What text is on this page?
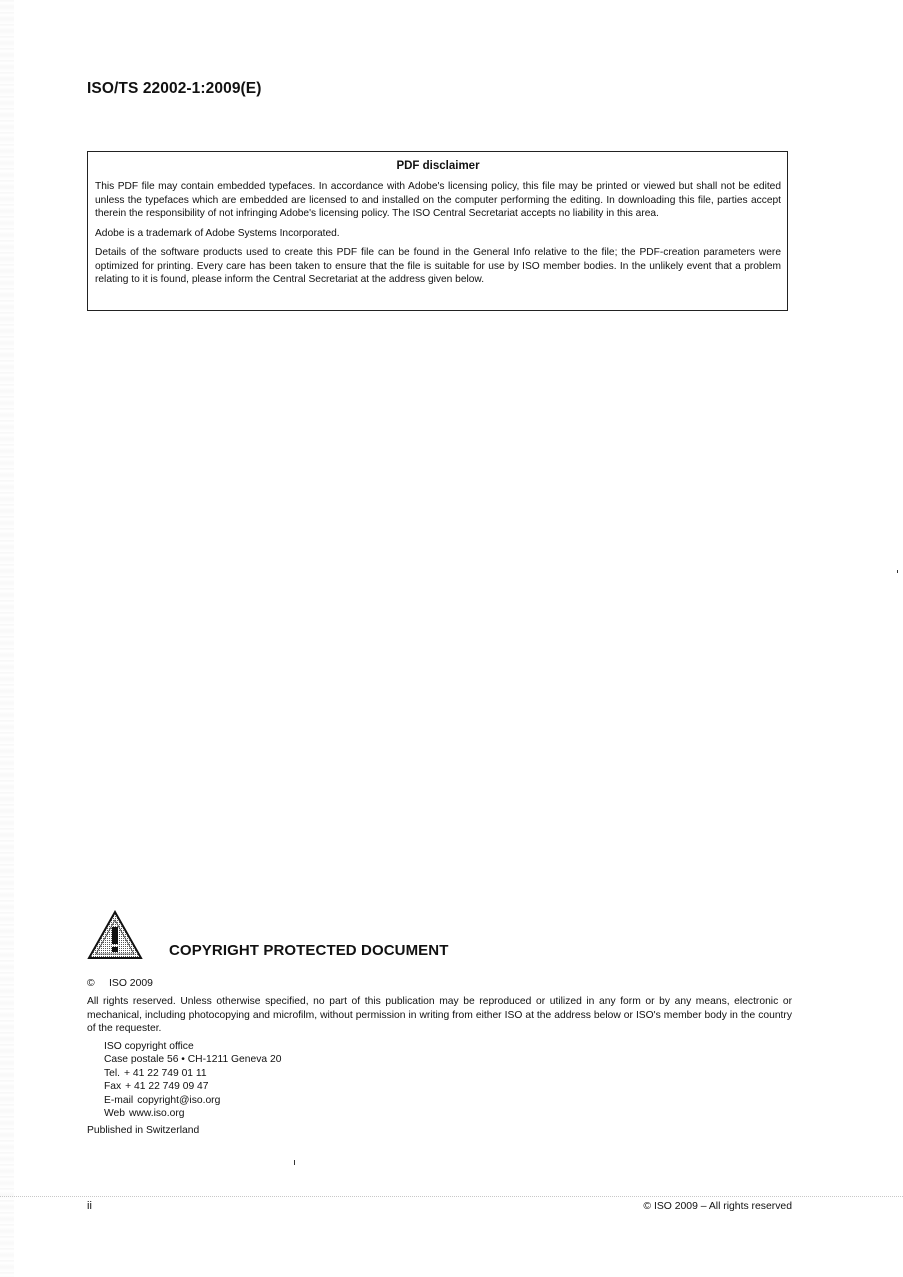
ISO/TS 22002-1:2009(E)
PDF disclaimer

This PDF file may contain embedded typefaces. In accordance with Adobe's licensing policy, this file may be printed or viewed but shall not be edited unless the typefaces which are embedded are licensed to and installed on the computer performing the editing. In downloading this file, parties accept therein the responsibility of not infringing Adobe's licensing policy. The ISO Central Secretariat accepts no liability in this area.

Adobe is a trademark of Adobe Systems Incorporated.

Details of the software products used to create this PDF file can be found in the General Info relative to the file; the PDF-creation parameters were optimized for printing. Every care has been taken to ensure that the file is suitable for use by ISO member bodies. In the unlikely event that a problem relating to it is found, please inform the Central Secretariat at the address given below.

COPYRIGHT PROTECTED DOCUMENT
© ISO 2009
All rights reserved. Unless otherwise specified, no part of this publication may be reproduced or utilized in any form or by any means, electronic or mechanical, including photocopying and microfilm, without permission in writing from either ISO at the address below or ISO's member body in the country of the requester.
ISO copyright office
Case postale 56 • CH-1211 Geneva 20
Tel. + 41 22 749 01 11
Fax + 41 22 749 09 47
E-mail copyright@iso.org
Web www.iso.org
Published in Switzerland
ii	© ISO 2009 – All rights reserved
